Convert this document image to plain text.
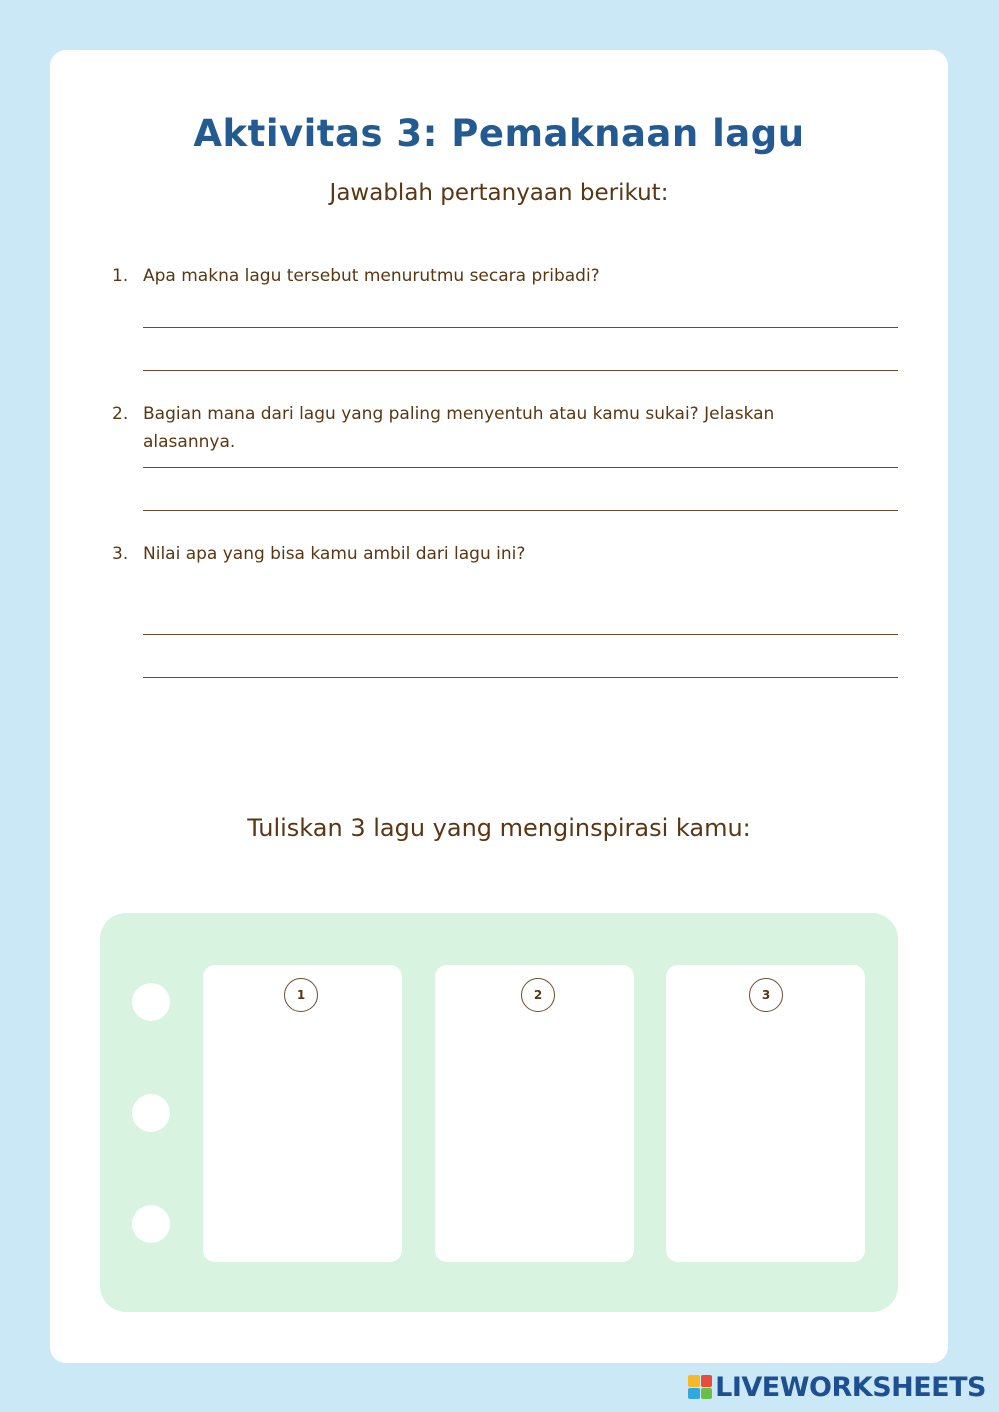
Aktivitas 3: Pemaknaan lagu
Jawablah pertanyaan berikut:
1. Apa makna lagu tersebut menurutmu secara pribadi?
2. Bagian mana dari lagu yang paling menyentuh atau kamu sukai? Jelaskan alasannya.
3. Nilai apa yang bisa kamu ambil dari lagu ini?
Tuliskan 3 lagu yang menginspirasi kamu:
1	2	3
LIVEWORKSHEETS
